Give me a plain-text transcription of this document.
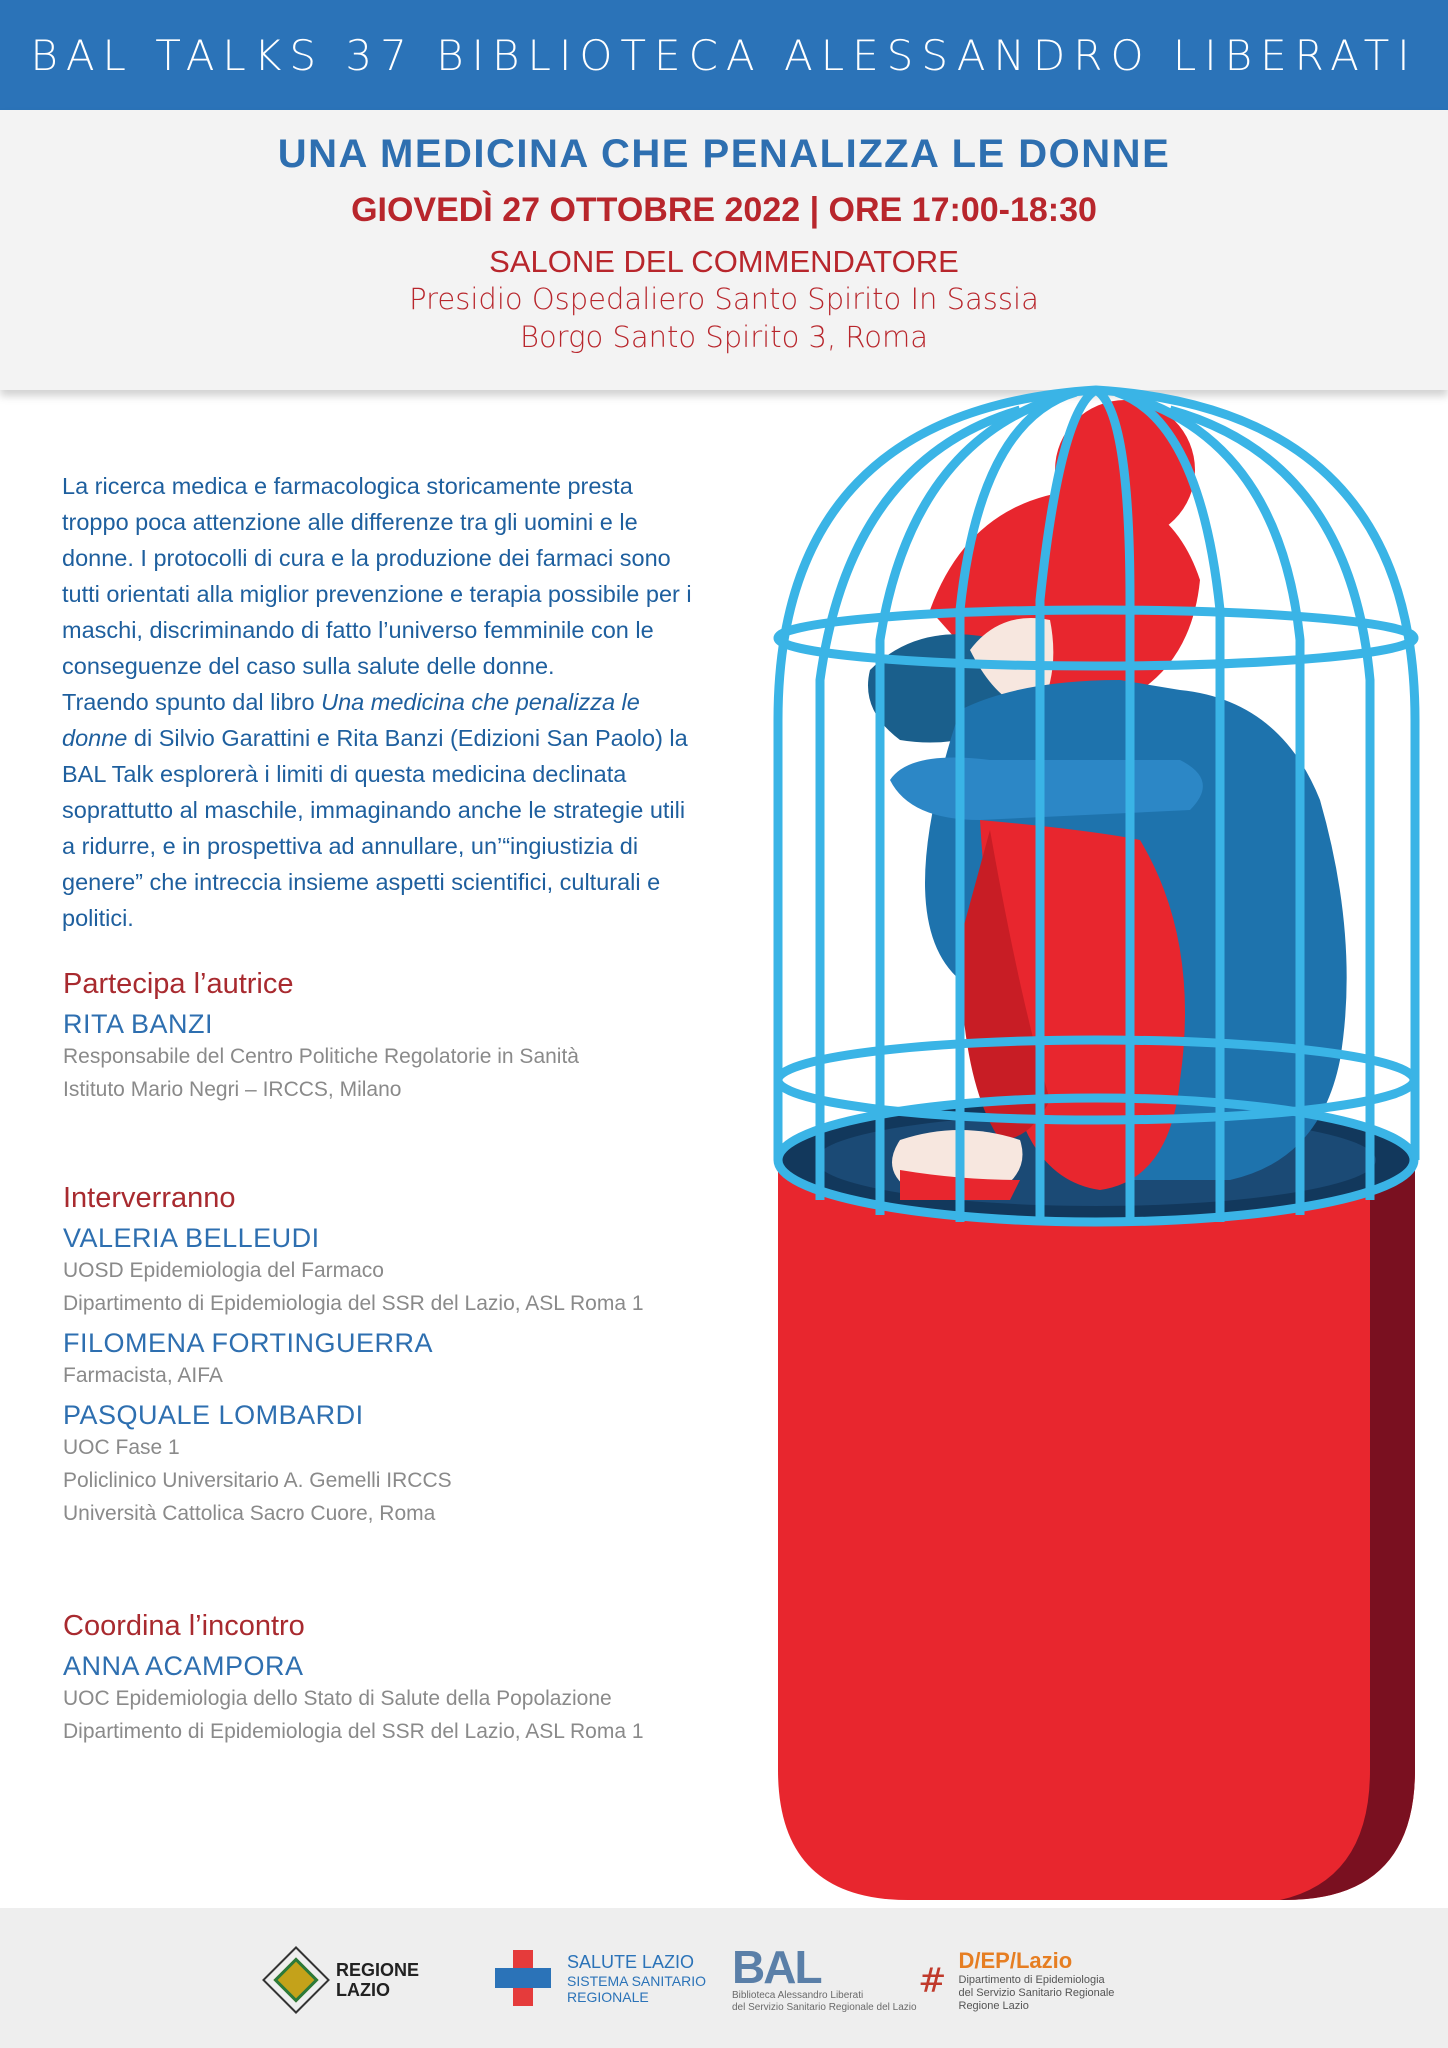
BAL TALKS 37 BIBLIOTECA ALESSANDRO LIBERATI
UNA MEDICINA CHE PENALIZZA LE DONNE
GIOVEDÌ 27 OTTOBRE 2022 | ORE 17:00-18:30
SALONE DEL COMMENDATORE
Presidio Ospedaliero Santo Spirito In Sassia
Borgo Santo Spirito 3, Roma

La ricerca medica e farmacologica storicamente presta troppo poca attenzione alle differenze tra gli uomini e le donne. I protocolli di cura e la produzione dei farmaci sono tutti orientati alla miglior prevenzione e terapia possibile per i maschi, discriminando di fatto l’universo femminile con le conseguenze del caso sulla salute delle donne.

Traendo spunto dal libro Una medicina che penalizza le donne di Silvio Garattini e Rita Banzi (Edizioni San Paolo) la BAL Talk esplorerà i limiti di questa medicina declinata soprattutto al maschile, immaginando anche le strategie utili a ridurre, e in prospettiva ad annullare, un’“ingiustizia di genere” che intreccia insieme aspetti scientifici, culturali e politici.

Partecipa l’autrice
RITA BANZI
Responsabile del Centro Politiche Regolatorie in Sanità
Istituto Mario Negri – IRCCS, Milano
Interverranno
VALERIA BELLEUDI
UOSD Epidemiologia del Farmaco
Dipartimento di Epidemiologia del SSR del Lazio, ASL Roma 1
FILOMENA FORTINGUERRA
Farmacista, AIFA
PASQUALE LOMBARDI
UOC Fase 1
Policlinico Universitario A. Gemelli IRCCS
Università Cattolica Sacro Cuore, Roma
Coordina l’incontro
ANNA ACAMPORA
UOC Epidemiologia dello Stato di Salute della Popolazione
Dipartimento di Epidemiologia del SSR del Lazio, ASL Roma 1
REGIONE
LAZIO
SALUTE LAZIO
SISTEMA SANITARIO
REGIONALE
BAL
Biblioteca Alessandro Liberati
del Servizio Sanitario Regionale del Lazio
# D/EP/Lazio
Dipartimento di Epidemiologia
del Servizio Sanitario Regionale
Regione Lazio
